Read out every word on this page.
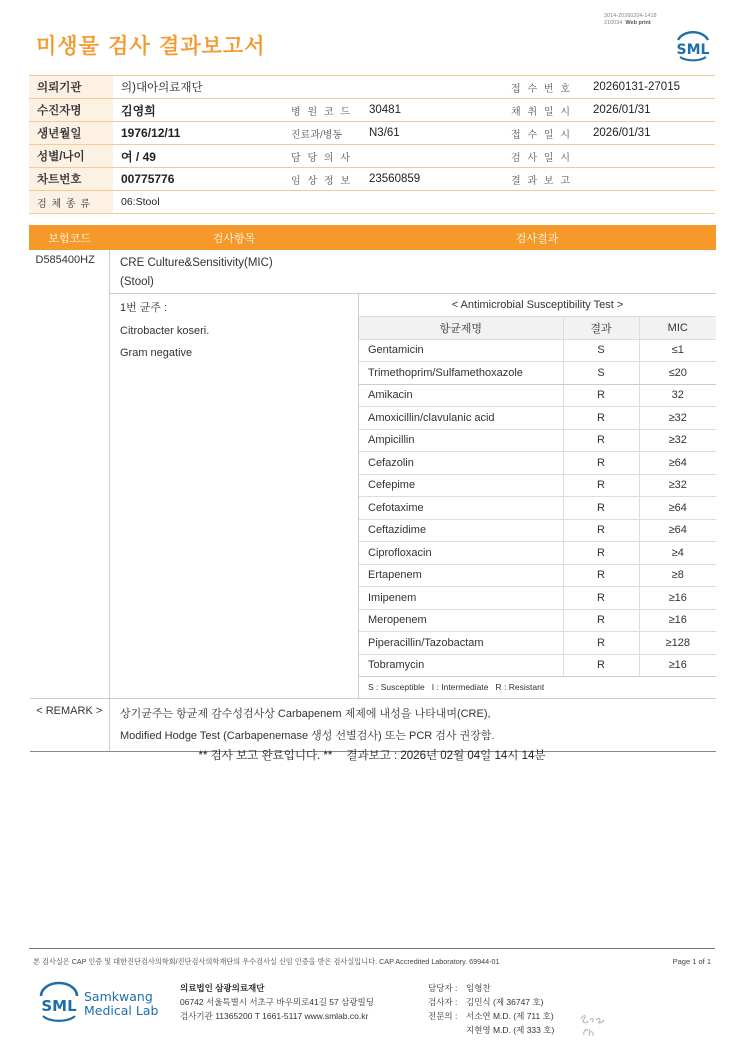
미생물 검사 결과보고서
3014-20260204-1418
210034 Web print
SML
의뢰기관	의)대아의료재단			접 수 번 호	20260131-27015
수진자명	김영희	병 원 코 드	30481	채 취 일 시	2026/01/31
생년월일	1976/12/11	진료과/병동	N3/61	접 수 일 시	2026/01/31
성별/나이	여 / 49	담 당 의 사		검 사 일 시	
차트번호	00775776	임 상 정 보	23560859	결 과 보 고	
검 체 종 류	06:Stool				
보험코드	검사항목	검사결과
D585400HZ	CRE Culture&Sensitivity(MIC)
(Stool)

1번 균주 :
Citrobacter koseri.
Gram negative

< Antimicrobial Susceptibility Test >
항균제명	결과	MIC
Gentamicin	S	≤1
Trimethoprim/Sulfamethoxazole	S	≤20
Amikacin	R	32
Amoxicillin/clavulanic acid	R	≥32
Ampicillin	R	≥32
Cefazolin	R	≥64
Cefepime	R	≥32
Cefotaxime	R	≥64
Ceftazidime	R	≥64
Ciprofloxacin	R	≥4
Ertapenem	R	≥8
Imipenem	R	≥16
Meropenem	R	≥16
Piperacillin/Tazobactam	R	≥128
Tobramycin	R	≥16
S : Susceptible   I : Intermediate   R : Resistant

< REMARK >	상기균주는 항균제 감수성검사상 Carbapenem 제제에 내성을 나타내며(CRE),
Modified Hodge Test (Carbapenemase 생성 선별검사) 또는 PCR 검사 권장함.
** 검사 보고 완료입니다. ** 결과보고 : 2026년 02월 04일 14시 14분
본 검사실은 CAP 인증 및 대한진단검사의학회/진단검사의학재단의 우수검사실 신임 인증을 받은 검사실입니다. CAP Accredited Laboratory. 69944-01	Page 1 of 1
SML
Samkwang
Medical Lab
의료법인 삼광의료재단
06742 서울특별시 서초구 바우뫼로41길 57 삼광빌딩
검사기관 11365200 T 1661-5117 www.smlab.co.kr
담당자 :	임형찬
검사자 :	김민식 (제 36747 호)
전문의 :	서소연 M.D. (제 711 호)
지현영 M.D. (제 333 호)
